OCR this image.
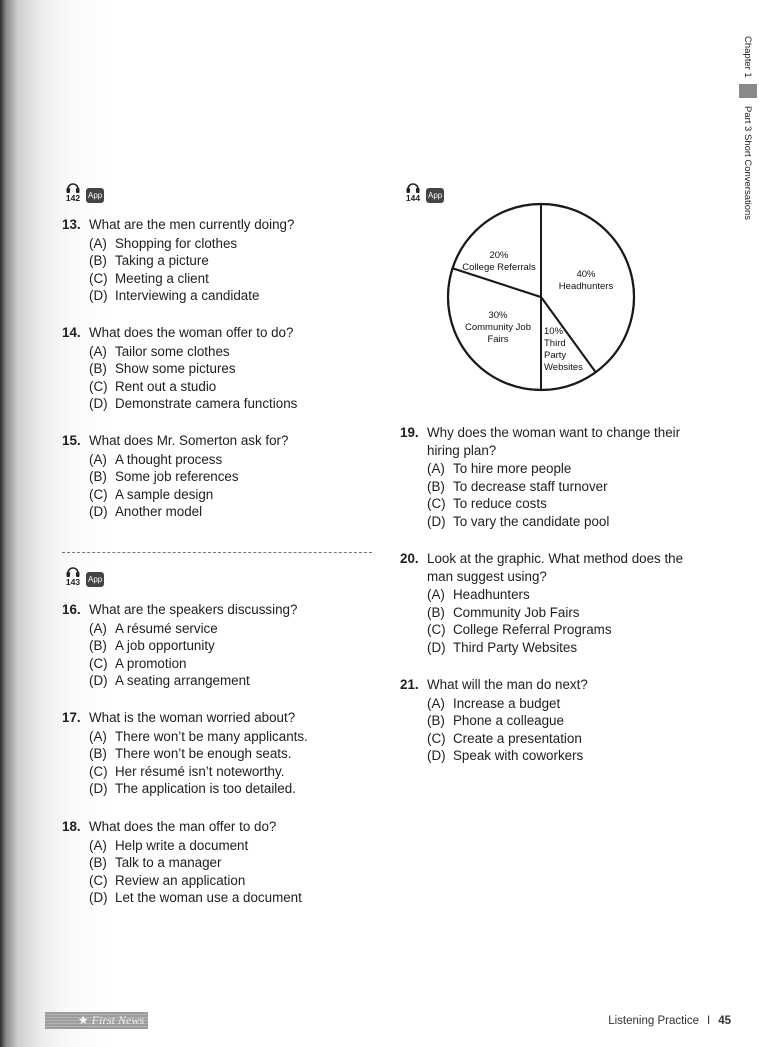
Chapter 1
Part 3 Short Conversations
142 App
13. What are the men currently doing?
(A) Shopping for clothes
(B) Taking a picture
(C) Meeting a client
(D) Interviewing a candidate
14. What does the woman offer to do?
(A) Tailor some clothes
(B) Show some pictures
(C) Rent out a studio
(D) Demonstrate camera functions
15. What does Mr. Somerton ask for?
(A) A thought process
(B) Some job references
(C) A sample design
(D) Another model
143 App
16. What are the speakers discussing?
(A) A résumé service
(B) A job opportunity
(C) A promotion
(D) A seating arrangement
17. What is the woman worried about?
(A) There won’t be many applicants.
(B) There won’t be enough seats.
(C) Her résumé isn’t noteworthy.
(D) The application is too detailed.
18. What does the man offer to do?
(A) Help write a document
(B) Talk to a manager
(C) Review an application
(D) Let the woman use a document
144 App
40% Headhunters
10% Third Party Websites
30% Community Job Fairs
20% College Referrals
19. Why does the woman want to change their hiring plan?
(A) To hire more people
(B) To decrease staff turnover
(C) To reduce costs
(D) To vary the candidate pool
20. Look at the graphic. What method does the man suggest using?
(A) Headhunters
(B) Community Job Fairs
(C) College Referral Programs
(D) Third Party Websites
21. What will the man do next?
(A) Increase a budget
(B) Phone a colleague
(C) Create a presentation
(D) Speak with coworkers
★ First News	Listening Practice I 45
